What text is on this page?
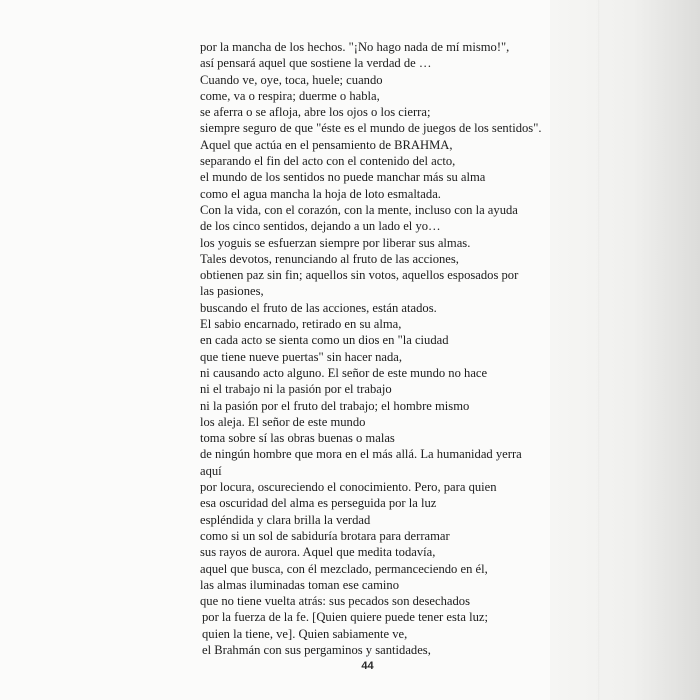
por la mancha de los hechos. "¡No hago nada de mí mismo!",
así pensará aquel que sostiene la verdad de …
Cuando ve, oye, toca, huele; cuando
come, va o respira; duerme o habla,
se aferra o se afloja, abre los ojos o los cierra;
siempre seguro de que "éste es el mundo de juegos de los sentidos".
Aquel que actúa en el pensamiento de BRAHMA,
separando el fin del acto con el contenido del acto,
el mundo de los sentidos no puede manchar más su alma
como el agua mancha la hoja de loto esmaltada.
Con la vida, con el corazón, con la mente, incluso con la ayuda
de los cinco sentidos, dejando a un lado el yo…
los yoguis se esfuerzan siempre por liberar sus almas.
Tales devotos, renunciando al fruto de las acciones,
obtienen paz sin fin; aquellos sin votos, aquellos esposados por
las pasiones,
buscando el fruto de las acciones, están atados.
El sabio encarnado, retirado en su alma,
en cada acto se sienta como un dios en "la ciudad
que tiene nueve puertas" sin hacer nada,
ni causando acto alguno. El señor de este mundo no hace
ni el trabajo ni la pasión por el trabajo
ni la pasión por el fruto del trabajo; el hombre mismo
los aleja. El señor de este mundo
toma sobre sí las obras buenas o malas
de ningún hombre que mora en el más allá. La humanidad yerra
aquí
por locura, oscureciendo el conocimiento. Pero, para quien
esa oscuridad del alma es perseguida por la luz
espléndida y clara brilla la verdad
como si un sol de sabiduría brotara para derramar
sus rayos de aurora. Aquel que medita todavía,
aquel que busca, con él mezclado, permanceciendo en él,
las almas iluminadas toman ese camino
que no tiene vuelta atrás: sus pecados son desechados
por la fuerza de la fe. [Quien quiere puede tener esta luz;
quien la tiene, ve]. Quien sabiamente ve,
el Brahmán con sus pergaminos y santidades,
44
